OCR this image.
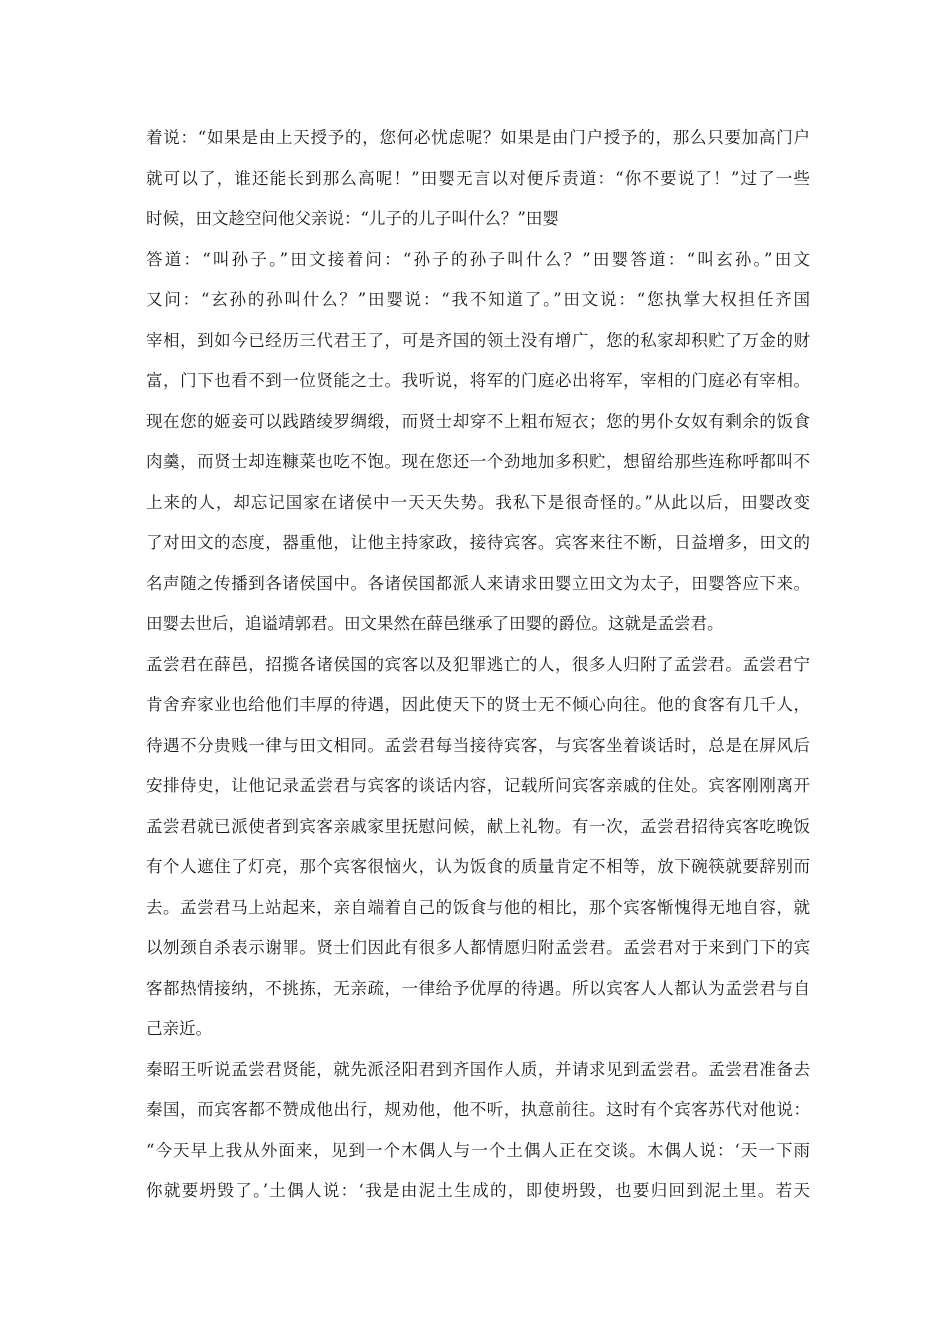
着说：“如果是由上天授予的，您何必忧虑呢？如果是由门户授予的，那么只要加高门户
就可以了，谁还能长到那么高呢！”田婴无言以对便斥责道：“你不要说了！”过了一些
时候，田文趁空问他父亲说：“儿子的儿子叫什么？”田婴
答道：“叫孙子。”田文接着问：“孙子的孙子叫什么？”田婴答道：“叫玄孙。”田文
又问：“玄孙的孙叫什么？”田婴说：“我不知道了。”田文说：“您执掌大权担任齐国
宰相，到如今已经历三代君王了，可是齐国的领土没有增广，您的私家却积贮了万金的财
富，门下也看不到一位贤能之士。我听说，将军的门庭必出将军，宰相的门庭必有宰相。
现在您的姬妾可以践踏绫罗绸缎，而贤士却穿不上粗布短衣；您的男仆女奴有剩余的饭食
肉羹，而贤士却连糠菜也吃不饱。现在您还一个劲地加多积贮，想留给那些连称呼都叫不
上来的人，却忘记国家在诸侯中一天天失势。我私下是很奇怪的。”从此以后，田婴改变
了对田文的态度，器重他，让他主持家政，接待宾客。宾客来往不断，日益增多，田文的
名声随之传播到各诸侯国中。各诸侯国都派人来请求田婴立田文为太子，田婴答应下来。
田婴去世后，追谥靖郭君。田文果然在薛邑继承了田婴的爵位。这就是孟尝君。
孟尝君在薛邑，招揽各诸侯国的宾客以及犯罪逃亡的人，很多人归附了孟尝君。孟尝君宁
肯舍弃家业也给他们丰厚的待遇，因此使天下的贤士无不倾心向往。他的食客有几千人，
待遇不分贵贱一律与田文相同。孟尝君每当接待宾客，与宾客坐着谈话时，总是在屏风后
安排侍史，让他记录孟尝君与宾客的谈话内容，记载所问宾客亲戚的住处。宾客刚刚离开
孟尝君就已派使者到宾客亲戚家里抚慰问候，献上礼物。有一次，孟尝君招待宾客吃晚饭
有个人遮住了灯亮，那个宾客很恼火，认为饭食的质量肯定不相等，放下碗筷就要辞别而
去。孟尝君马上站起来，亲自端着自己的饭食与他的相比，那个宾客惭愧得无地自容，就
以刎颈自杀表示谢罪。贤士们因此有很多人都情愿归附孟尝君。孟尝君对于来到门下的宾
客都热情接纳，不挑拣，无亲疏，一律给予优厚的待遇。所以宾客人人都认为孟尝君与自
己亲近。
秦昭王听说孟尝君贤能，就先派泾阳君到齐国作人质，并请求见到孟尝君。孟尝君准备去
秦国，而宾客都不赞成他出行，规劝他，他不听，执意前往。这时有个宾客苏代对他说：
“今天早上我从外面来，见到一个木偶人与一个土偶人正在交谈。木偶人说：‘天一下雨
你就要坍毁了。’土偶人说：‘我是由泥土生成的，即使坍毁，也要归回到泥土里。若天
